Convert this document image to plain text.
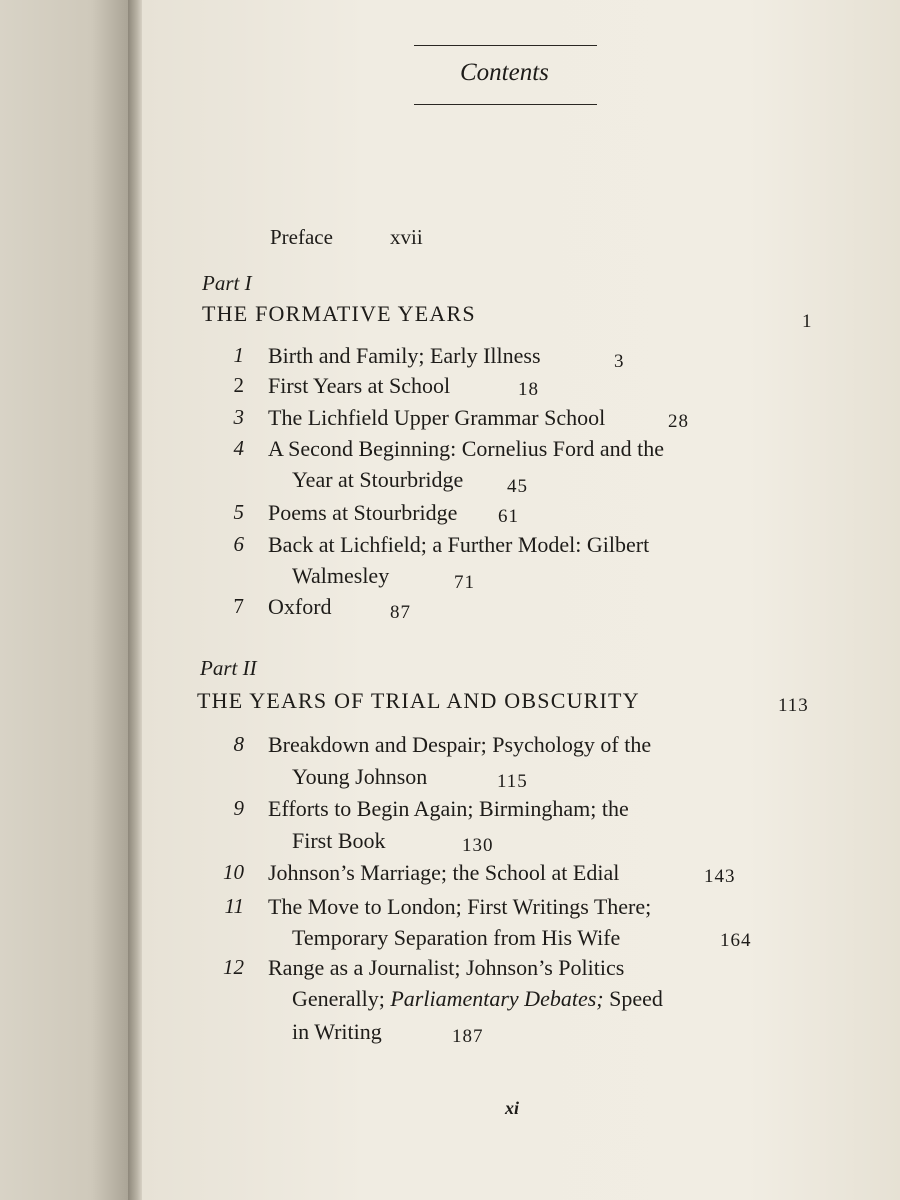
Contents
Preface	xvii
Part I
THE FORMATIVE YEARS	1
1 Birth and Family; Early Illness	3
2 First Years at School	18
3 The Lichfield Upper Grammar School	28
4 A Second Beginning: Cornelius Ford and the
Year at Stourbridge 45
5 Poems at Stourbridge 61
6 Back at Lichfield; a Further Model: Gilbert
Walmesley	71
7 Oxford	87
Part II
THE YEARS OF TRIAL AND OBSCURITY	113
8 Breakdown and Despair; Psychology of the
Young Johnson	115
9 Efforts to Begin Again; Birmingham; the
First Book	130
10 Johnson’s Marriage; the School at Edial	143
11 The Move to London; First Writings There;
Temporary Separation from His Wife	164
12 Range as a Journalist; Johnson’s Politics
Generally; Parliamentary Debates; Speed
in Writing	187
xi
